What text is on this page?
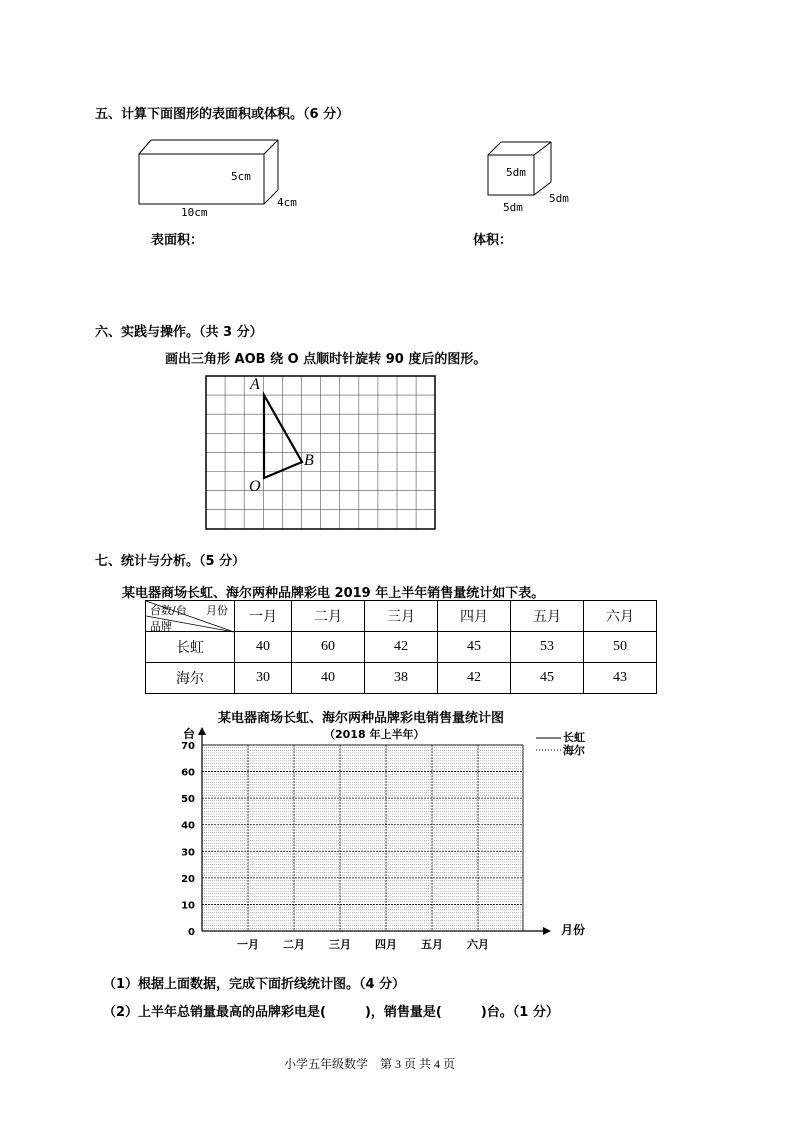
五、计算下面图形的表面积或体积。（6 分）
5cm
10cm
4cm
5dm
5dm
5dm
表面积：	体积：
六、实践与操作。（共 3 分）
画出三角形 AOB 绕 O 点顺时针旋转 90 度后的图形。
A
B
O
七、统计与分析。（5 分）
某电器商场长虹、海尔两种品牌彩电 2019 年上半年销售量统计如下表。
台数/台 月份
品牌	一月	二月	三月	四月	五月	六月
长虹	40	60	42	45	53	50
海尔	30	40	38	42	45	43
某电器商场长虹、海尔两种品牌彩电销售量统计图
（2018 年上半年）
台
月份
长虹
海尔
0
10
20
30
40
50
60
70
一月 二月 三月 四月 五月 六月
（1）根据上面数据，完成下面折线统计图。（4 分）
（2）上半年总销量最高的品牌彩电是(　　　)，销售量是(　　　)台。（1 分）
小学五年级数学　第 3 页 共 4 页
